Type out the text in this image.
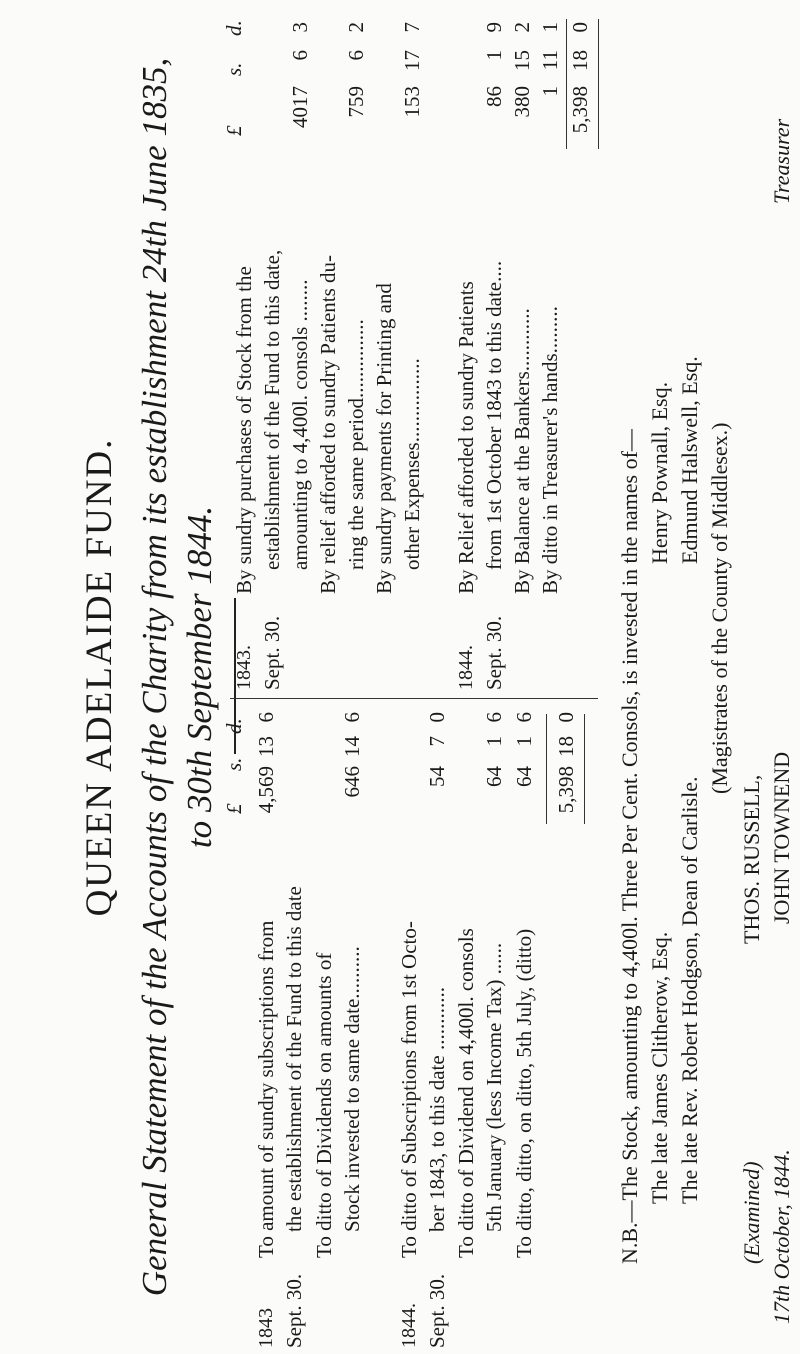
QUEEN ADELAIDE FUND. General Statement of the Accounts of the Charity from its establishment 24th June 1835, to 30th September 1844. £
s.
d.
1843 Sept. 30.
To amount of sundry subscriptions from the establishment of the Fund to this date
4,569
13
6
To ditto of Dividends on amounts of Stock invested to same date..........
646
14
6
1844. Sept. 30.
To ditto of Subscriptions from 1st Octo- ber 1843, to this date ............
54
7
0
To ditto of Dividend on 4,400l. consols 5th January (less Income Tax) ......
64
1
6
To ditto, ditto, on ditto, 5th July, (ditto)
64
1
6
5,398
18
0
£
s.
d.
1843. Sept. 30.
By sundry purchases of Stock from the establishment of the Fund to this date, amounting to 4,400l. consols ........
4017
6
3
By relief afforded to sundry Patients du- ring the same period...............
759
6
2
By sundry payments for Printing and other Expenses................
153
17
7
1844. Sept. 30.
By Relief afforded to sundry Patients from 1st October 1843 to this date....
86
1
9
By Balance at the Bankers............
380
15
2
By ditto in Treasurer's hands.........
1
11
1
5,398
18
0
N.B.—The Stock, amounting to 4,400l. Three Per Cent. Consols, is invested in the names of— The late James Clitherow, Esq. The late Rev. Robert Hodgson, Dean of Carlisle.
Henry Pownall, Esq. Edmund Halswell, Esq. (Magistrates of the County of Middlesex.)
(Examined) 17th October, 1844.
THOS. RUSSELL, JOHN TOWNEND
Treasurer
